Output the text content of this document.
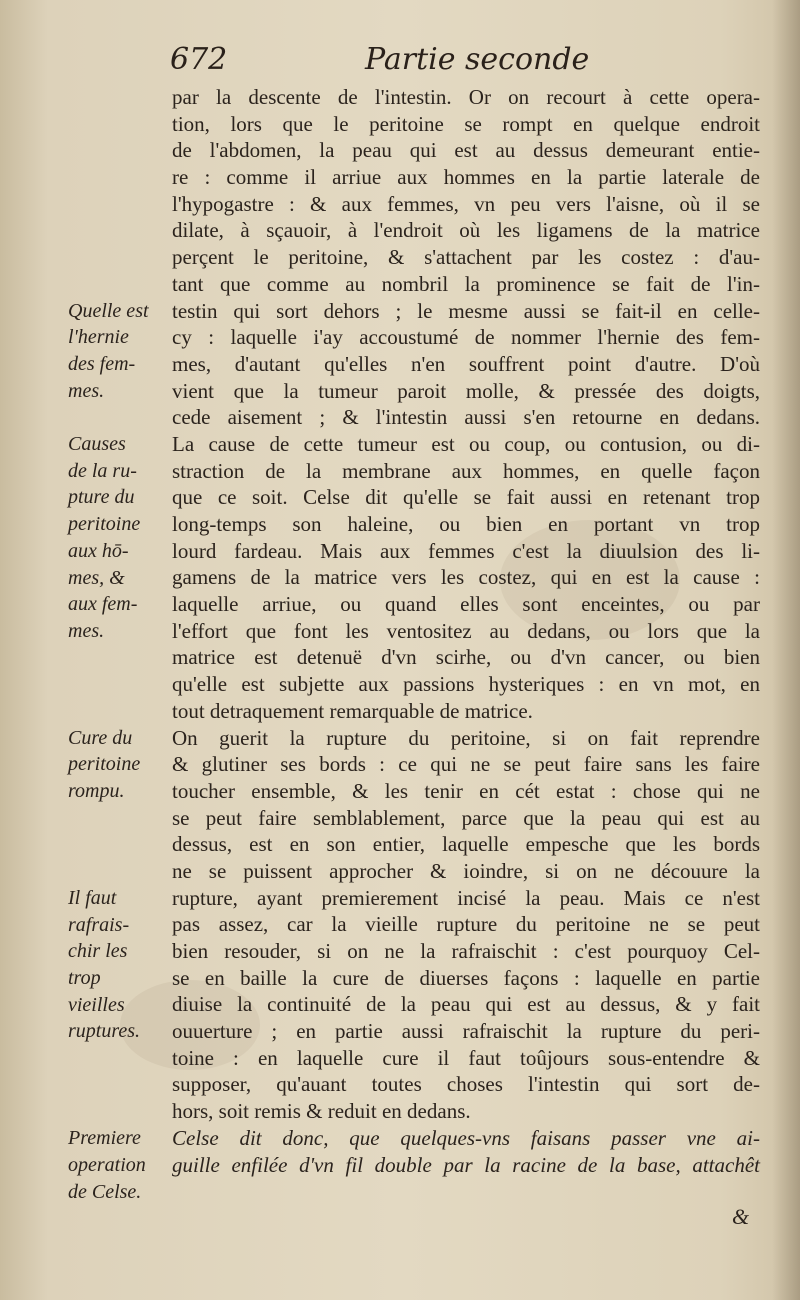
672	Partie seconde
par la descente de l'intestin. Or on recourt à cette opera-
tion, lors que le peritoine se rompt en quelque endroit
de l'abdomen, la peau qui est au dessus demeurant entie-
re : comme il arriue aux hommes en la partie laterale de
l'hypogastre : & aux femmes, vn peu vers l'aisne, où il se
dilate, à sçauoir, à l'endroit où les ligamens de la matrice
perçent le peritoine, & s'attachent par les costez : d'au-
tant que comme au nombril la prominence se fait de l'in-
testin qui sort dehors ; le mesme aussi se fait-il en celle-
cy : laquelle i'ay accoustumé de nommer l'hernie des fem-
mes, d'autant qu'elles n'en souffrent point d'autre. D'où
vient que la tumeur paroit molle, & pressée des doigts,
cede aisement ; & l'intestin aussi s'en retourne en dedans.
La cause de cette tumeur est ou coup, ou contusion, ou di-
straction de la membrane aux hommes, en quelle façon
que ce soit. Celse dit qu'elle se fait aussi en retenant trop
long-temps son haleine, ou bien en portant vn trop
lourd fardeau. Mais aux femmes c'est la diuulsion des li-
gamens de la matrice vers les costez, qui en est la cause :
laquelle arriue, ou quand elles sont enceintes, ou par
l'effort que font les ventositez au dedans, ou lors que la
matrice est detenuë d'vn scirhe, ou d'vn cancer, ou bien
qu'elle est subjette aux passions hysteriques : en vn mot, en
tout detraquement remarquable de matrice.
On guerit la rupture du peritoine, si on fait reprendre
& glutiner ses bords : ce qui ne se peut faire sans les faire
toucher ensemble, & les tenir en cét estat : chose qui ne
se peut faire semblablement, parce que la peau qui est au
dessus, est en son entier, laquelle empesche que les bords
ne se puissent approcher & ioindre, si on ne découure la
rupture, ayant premierement incisé la peau. Mais ce n'est
pas assez, car la vieille rupture du peritoine ne se peut
bien resouder, si on ne la rafraischit : c'est pourquoy Cel-
se en baille la cure de diuerses façons : laquelle en partie
diuise la continuité de la peau qui est au dessus, & y fait
ouuerture ; en partie aussi rafraischit la rupture du peri-
toine : en laquelle cure il faut toûjours sous-entendre &
supposer, qu'auant toutes choses l'intestin qui sort de-
hors, soit remis & reduit en dedans.
Celse dit donc, que quelques-vns faisans passer vne ai-
guille enfilée d'vn fil double par la racine de la base, attachêt
Quelle est
l'hernie
des fem-
mes.
Causes
de la ru-
pture du
peritoine
aux hō-
mes, &
aux fem-
mes.
Cure du
peritoine
rompu.
Il faut
rafrais-
chir les
trop
vieilles
ruptures.
Premiere
operation
de Celse.
&
